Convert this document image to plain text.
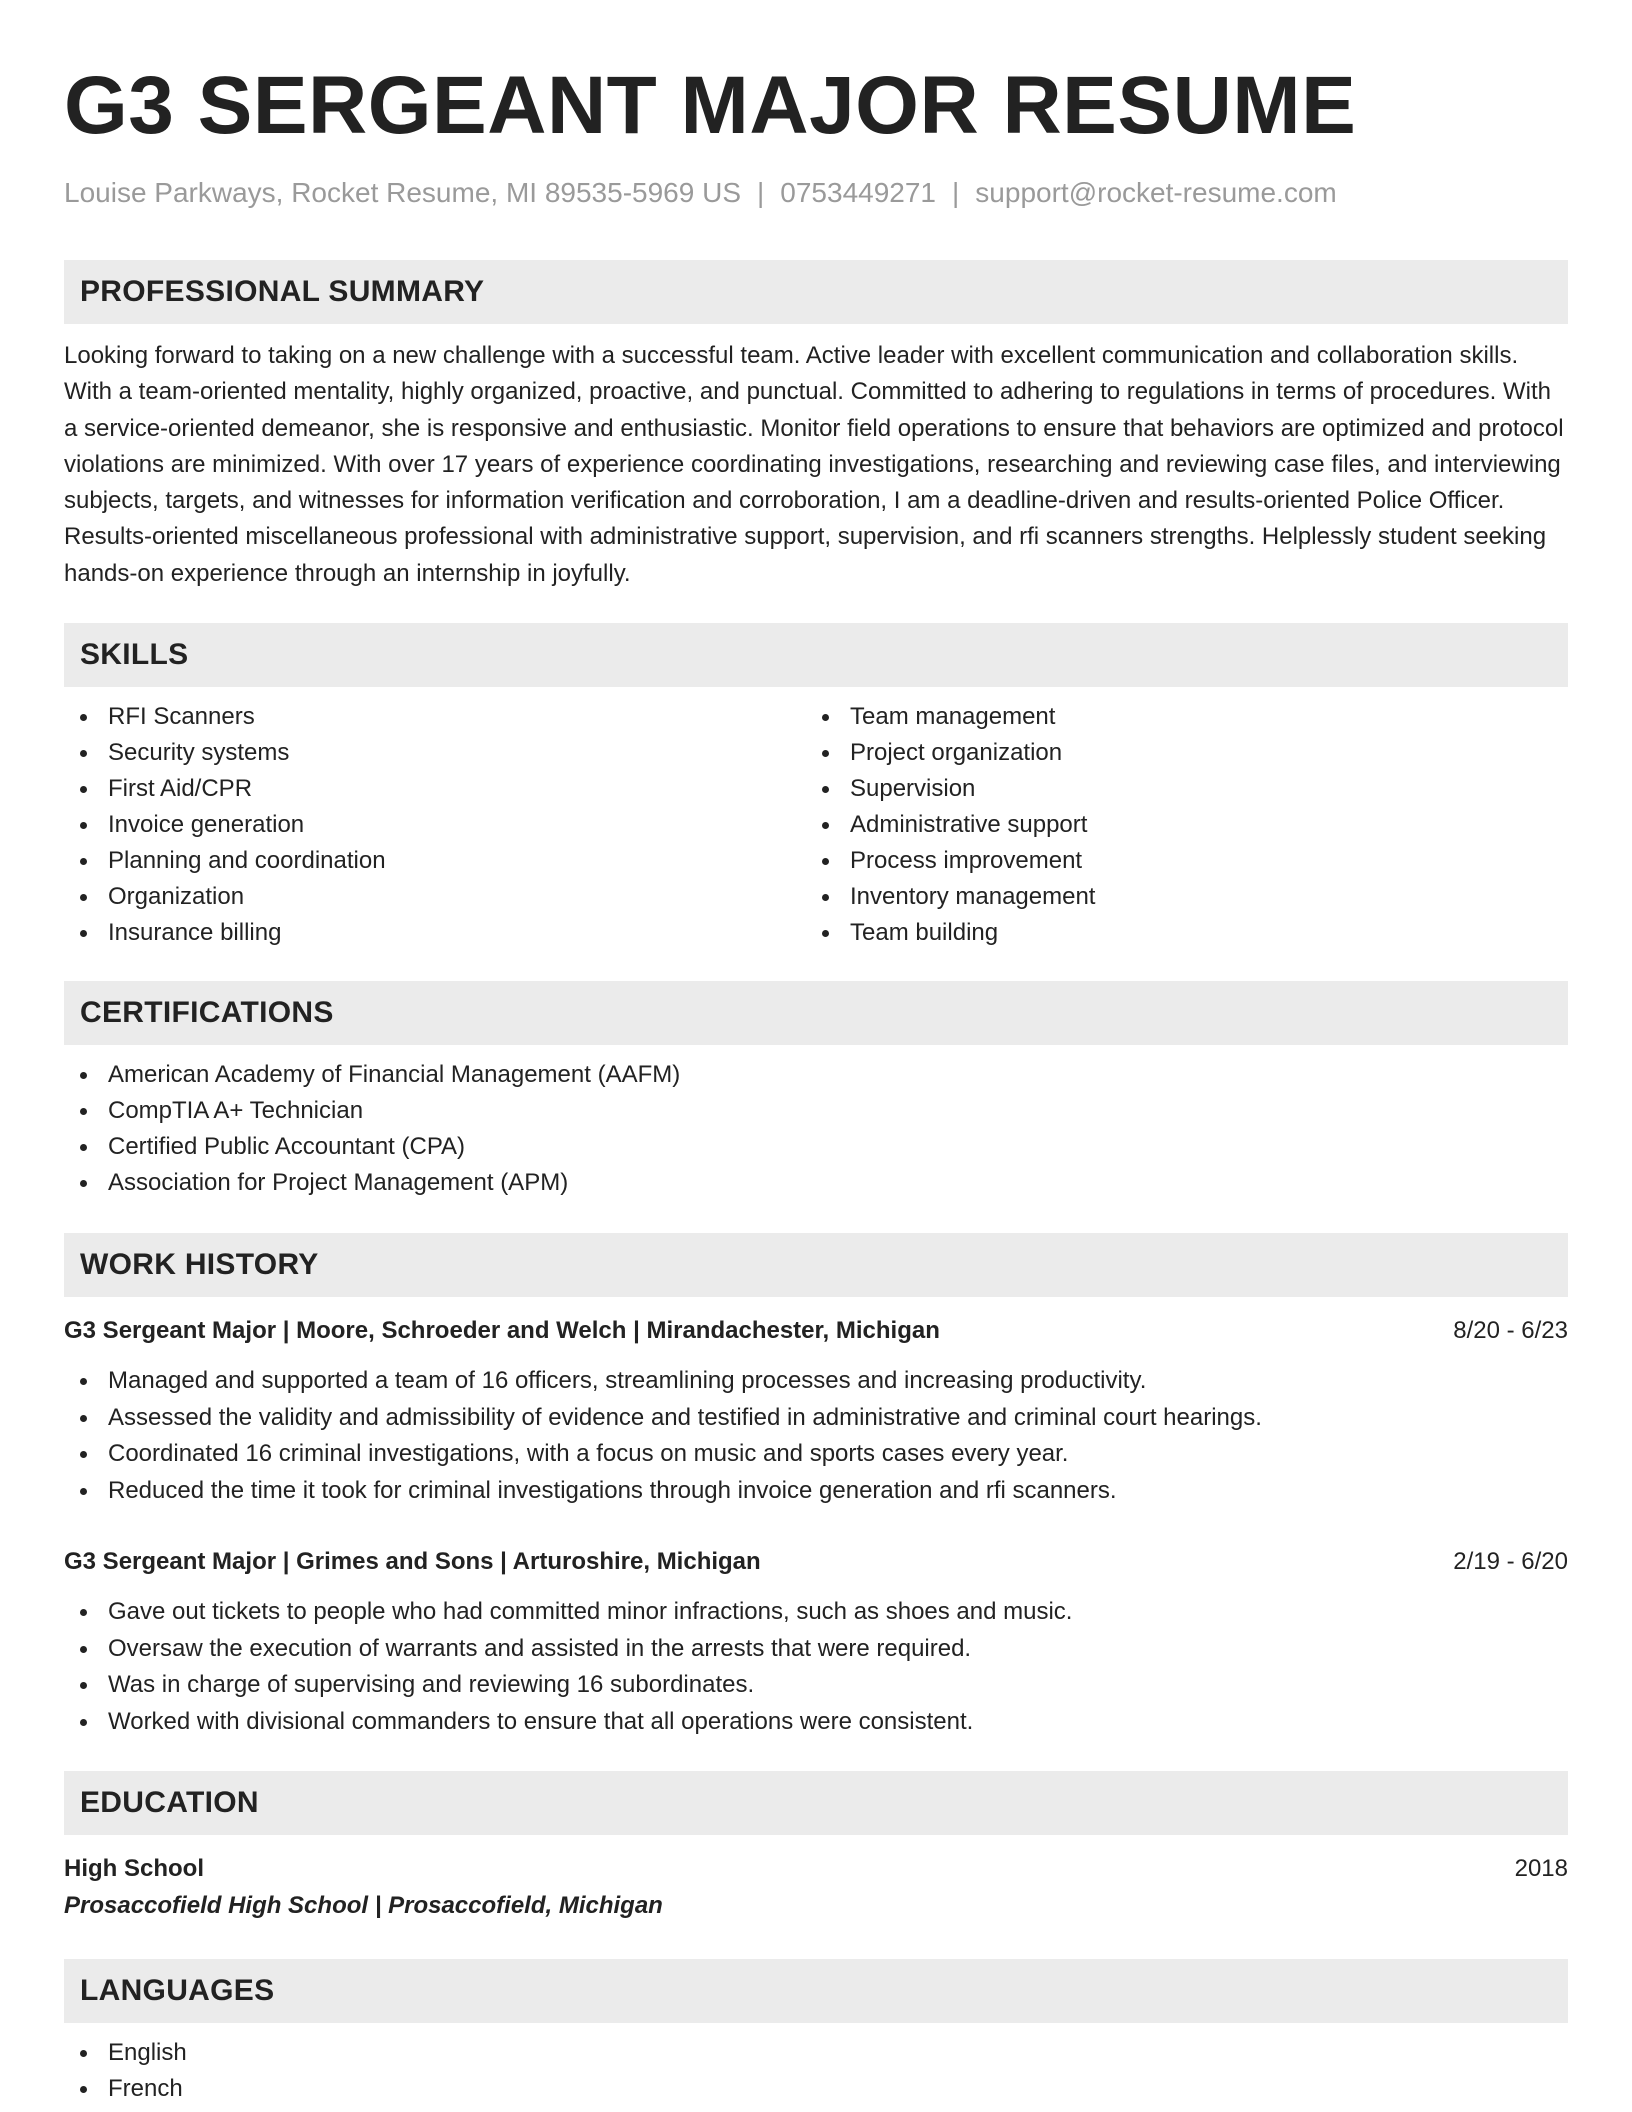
G3 SERGEANT MAJOR RESUME
Louise Parkways, Rocket Resume, MI 89535-5969 US | 0753449271 | support@rocket-resume.com
PROFESSIONAL SUMMARY

Looking forward to taking on a new challenge with a successful team. Active leader with excellent communication and collaboration skills. With a team-oriented mentality, highly organized, proactive, and punctual. Committed to adhering to regulations in terms of procedures. With a service-oriented demeanor, she is responsive and enthusiastic. Monitor field operations to ensure that behaviors are optimized and protocol violations are minimized. With over 17 years of experience coordinating investigations, researching and reviewing case files, and interviewing subjects, targets, and witnesses for information verification and corroboration, I am a deadline-driven and results-oriented Police Officer. Results-oriented miscellaneous professional with administrative support, supervision, and rfi scanners strengths. Helplessly student seeking hands-on experience through an internship in joyfully.

SKILLS
RFI Scanners
Security systems
First Aid/CPR
Invoice generation
Planning and coordination
Organization
Insurance billing
Team management
Project organization
Supervision
Administrative support
Process improvement
Inventory management
Team building
CERTIFICATIONS
American Academy of Financial Management (AAFM)
CompTIA A+ Technician
Certified Public Accountant (CPA)
Association for Project Management (APM)
WORK HISTORY
G3 Sergeant Major | Moore, Schroeder and Welch | Mirandachester, Michigan	8/20 - 6/23
Managed and supported a team of 16 officers, streamlining processes and increasing productivity.
Assessed the validity and admissibility of evidence and testified in administrative and criminal court hearings.
Coordinated 16 criminal investigations, with a focus on music and sports cases every year.
Reduced the time it took for criminal investigations through invoice generation and rfi scanners.
G3 Sergeant Major | Grimes and Sons | Arturoshire, Michigan	2/19 - 6/20
Gave out tickets to people who had committed minor infractions, such as shoes and music.
Oversaw the execution of warrants and assisted in the arrests that were required.
Was in charge of supervising and reviewing 16 subordinates.
Worked with divisional commanders to ensure that all operations were consistent.
EDUCATION
High School	2018
Prosaccofield High School | Prosaccofield, Michigan
LANGUAGES
English
French
